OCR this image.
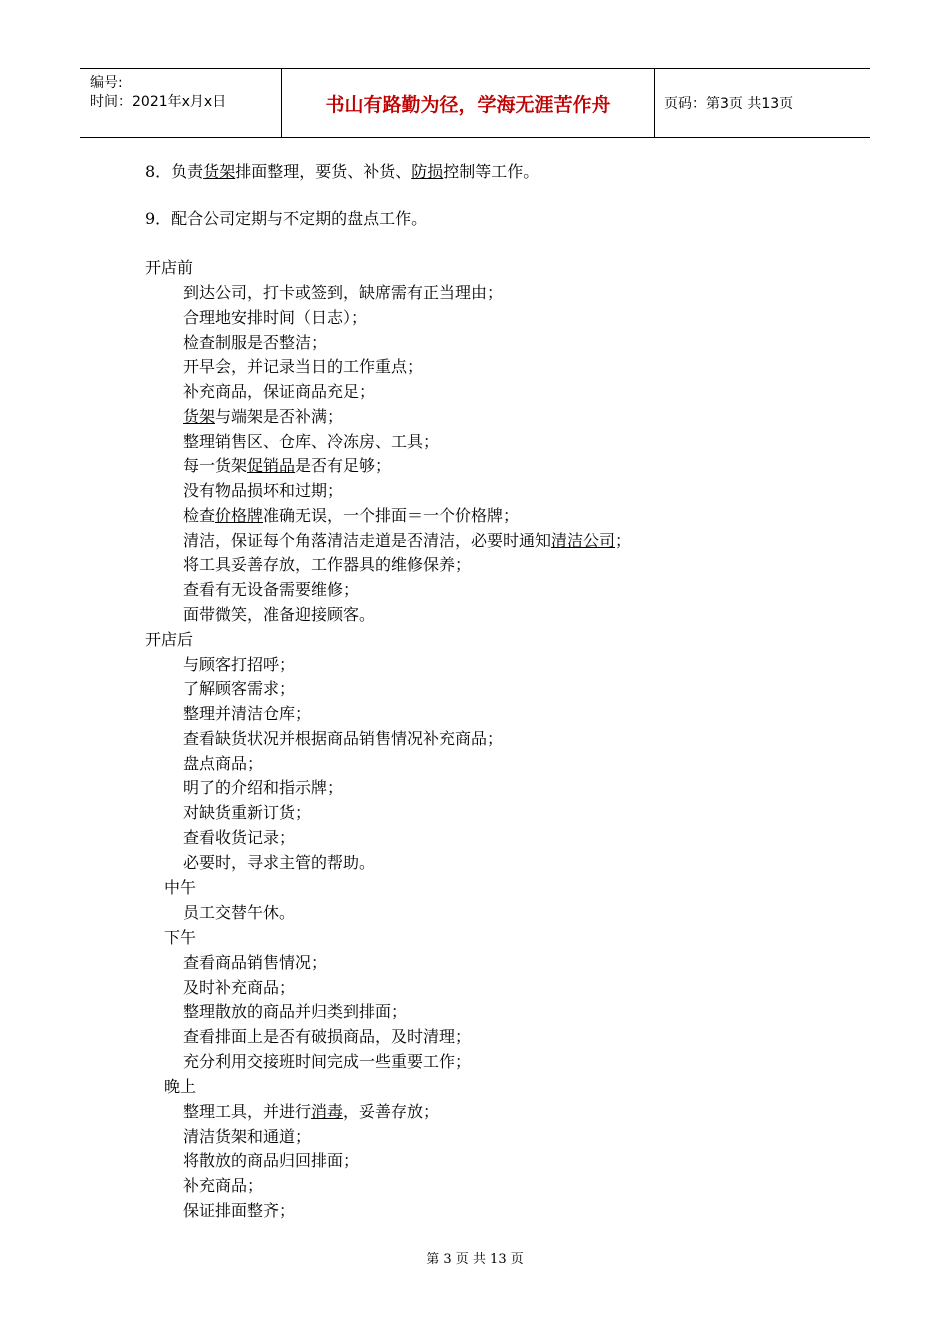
编号:
时间：2021年x月x日	书山有路勤为径，学海无涯苦作舟	页码：第3页 共13页
8．负责货架排面整理，要货、补货、防损控制等工作。
9．配合公司定期与不定期的盘点工作。
开店前
到达公司，打卡或签到，缺席需有正当理由；
合理地安排时间（日志）；
检查制服是否整洁；
开早会，并记录当日的工作重点；
补充商品，保证商品充足；
货架与端架是否补满；
整理销售区、仓库、冷冻房、工具；
每一货架促销品是否有足够；
没有物品损坏和过期；
检查价格牌准确无误，一个排面＝一个价格牌；
清洁，保证每个角落清洁走道是否清洁，必要时通知清洁公司；
将工具妥善存放，工作器具的维修保养；
查看有无设备需要维修；
面带微笑，准备迎接顾客。
开店后
与顾客打招呼；
了解顾客需求；
整理并清洁仓库；
查看缺货状况并根据商品销售情况补充商品；
盘点商品；
明了的介绍和指示牌；
对缺货重新订货；
查看收货记录；
必要时，寻求主管的帮助。
中午
员工交替午休。
下午
查看商品销售情况；
及时补充商品；
整理散放的商品并归类到排面；
查看排面上是否有破损商品，及时清理；
充分利用交接班时间完成一些重要工作；
晚上
整理工具，并进行消毒，妥善存放；
清洁货架和通道；
将散放的商品归回排面；
补充商品；
保证排面整齐；
第 3 页 共 13 页
